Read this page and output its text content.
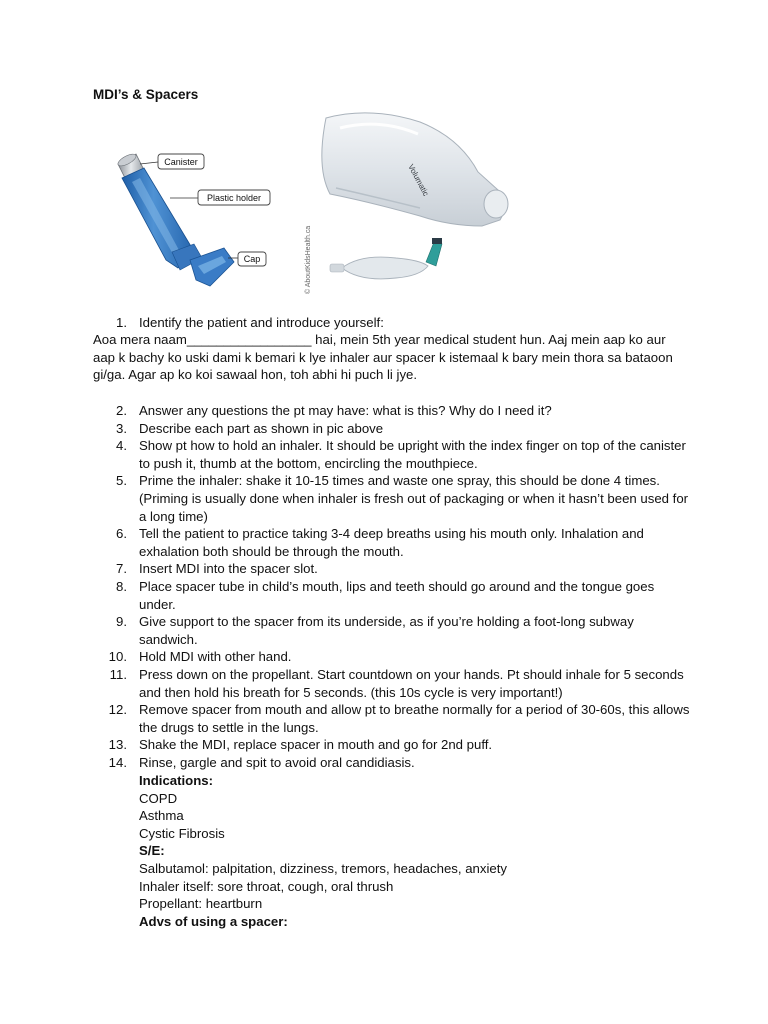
MDI’s & Spacers
Canister
Plastic holder
Cap
Volumatic
© AboutKidsHealth.ca
1. Identify the patient and introduce yourself:
Aoa mera naam_________________ hai, mein 5th year medical student hun. Aaj mein aap ko aur aap k bachy ko uski dami k bemari k lye inhaler aur spacer k istemaal k bary mein thora sa bataoon gi/ga. Agar ap ko koi sawaal hon, toh abhi hi puch li jye.
2. Answer any questions the pt may have: what is this? Why do I need it?
3. Describe each part as shown in pic above
4. Show pt how to hold an inhaler. It should be upright with the index finger on top of the canister to push it, thumb at the bottom, encircling the mouthpiece.
5. Prime the inhaler: shake it 10-15 times and waste one spray, this should be done 4 times. (Priming is usually done when inhaler is fresh out of packaging or when it hasn’t been used for a long time)
6. Tell the patient to practice taking 3-4 deep breaths using his mouth only. Inhalation and exhalation both should be through the mouth.
7. Insert MDI into the spacer slot.
8. Place spacer tube in child’s mouth, lips and teeth should go around and the tongue goes under.
9. Give support to the spacer from its underside, as if you’re holding a foot-long subway sandwich.
10. Hold MDI with other hand.
11. Press down on the propellant. Start countdown on your hands. Pt should inhale for 5 seconds and then hold his breath for 5 seconds. (this 10s cycle is very important!)
12. Remove spacer from mouth and allow pt to breathe normally for a period of 30-60s, this allows the drugs to settle in the lungs.
13. Shake the MDI, replace spacer in mouth and go for 2nd puff.
14. Rinse, gargle and spit to avoid oral candidiasis.
Indications:
COPD
Asthma
Cystic Fibrosis
S/E:
Salbutamol: palpitation, dizziness, tremors, headaches, anxiety
Inhaler itself: sore throat, cough, oral thrush
Propellant: heartburn
Advs of using a spacer:
